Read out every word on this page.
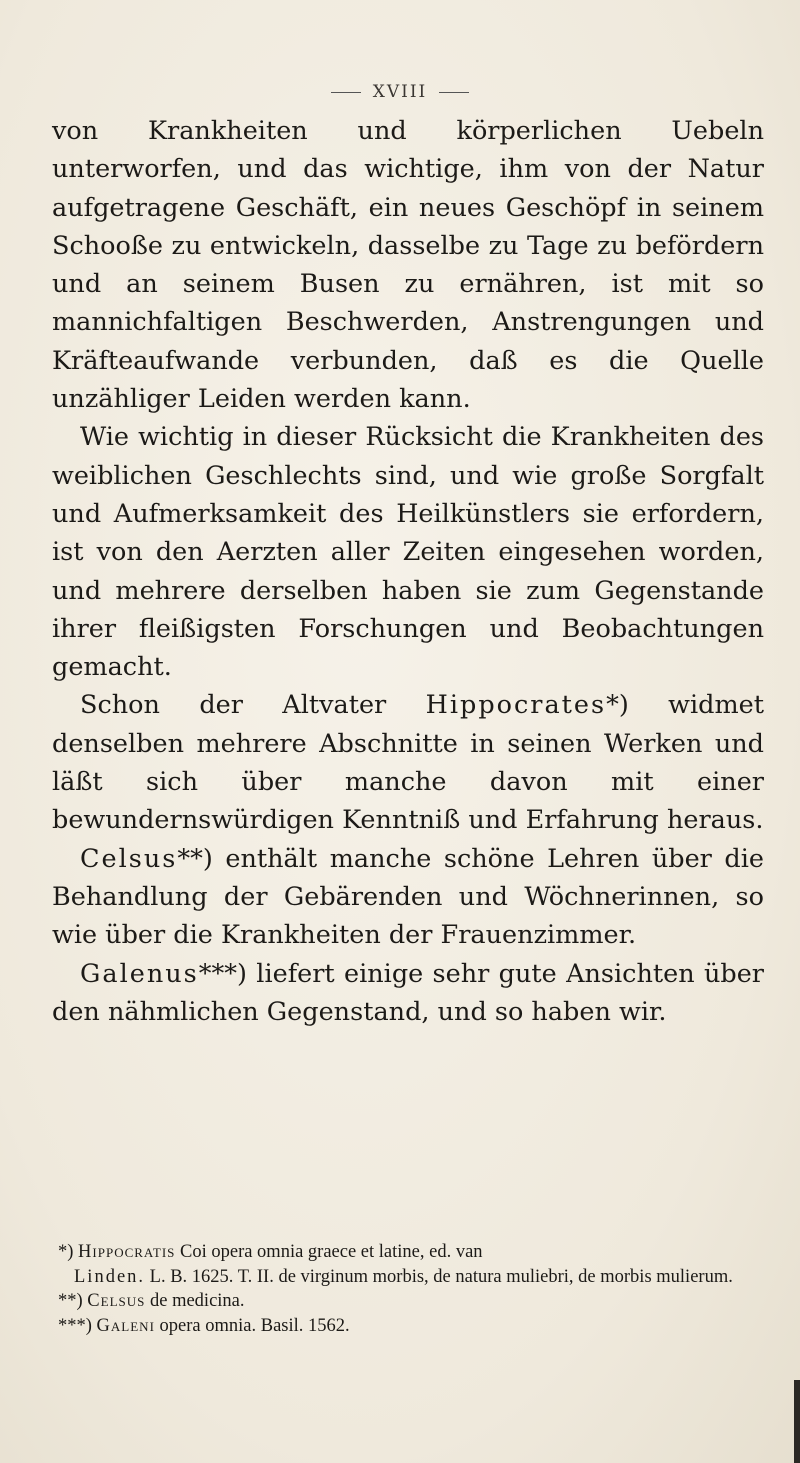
XVIII

von Krankheiten und körperlichen Uebeln unterworfen, und das wichtige, ihm von der Natur aufgetragene Geschäft, ein neues Geschöpf in seinem Schooße zu entwickeln, dasselbe zu Tage zu befördern und an seinem Busen zu ernähren, ist mit so mannichfaltigen Beschwerden, Anstrengungen und Kräfteaufwande verbunden, daß es die Quelle unzähliger Leiden werden kann.

Wie wichtig in dieser Rücksicht die Krankheiten des weiblichen Geschlechts sind, und wie große Sorgfalt und Aufmerksamkeit des Heilkünstlers sie erfordern, ist von den Aerzten aller Zeiten eingesehen worden, und mehrere derselben haben sie zum Gegenstande ihrer fleißigsten Forschungen und Beobachtungen gemacht.

Schon der Altvater Hippocrates*) widmet denselben mehrere Abschnitte in seinen Werken und läßt sich über manche davon mit einer bewundernswürdigen Kenntniß und Erfahrung heraus.

Celsus**) enthält manche schöne Lehren über die Behandlung der Gebärenden und Wöchnerinnen, so wie über die Krankheiten der Frauenzimmer.

Galenus***) liefert einige sehr gute Ansichten über den nähmlichen Gegenstand, und so haben wir.

*) Hippocratis Coi opera omnia graece et latine, ed. van

Linden. L. B. 1625. T. II. de virginum morbis, de natura muliebri, de morbis mulierum.

**) Celsus de medicina.

***) Galeni opera omnia. Basil. 1562.
